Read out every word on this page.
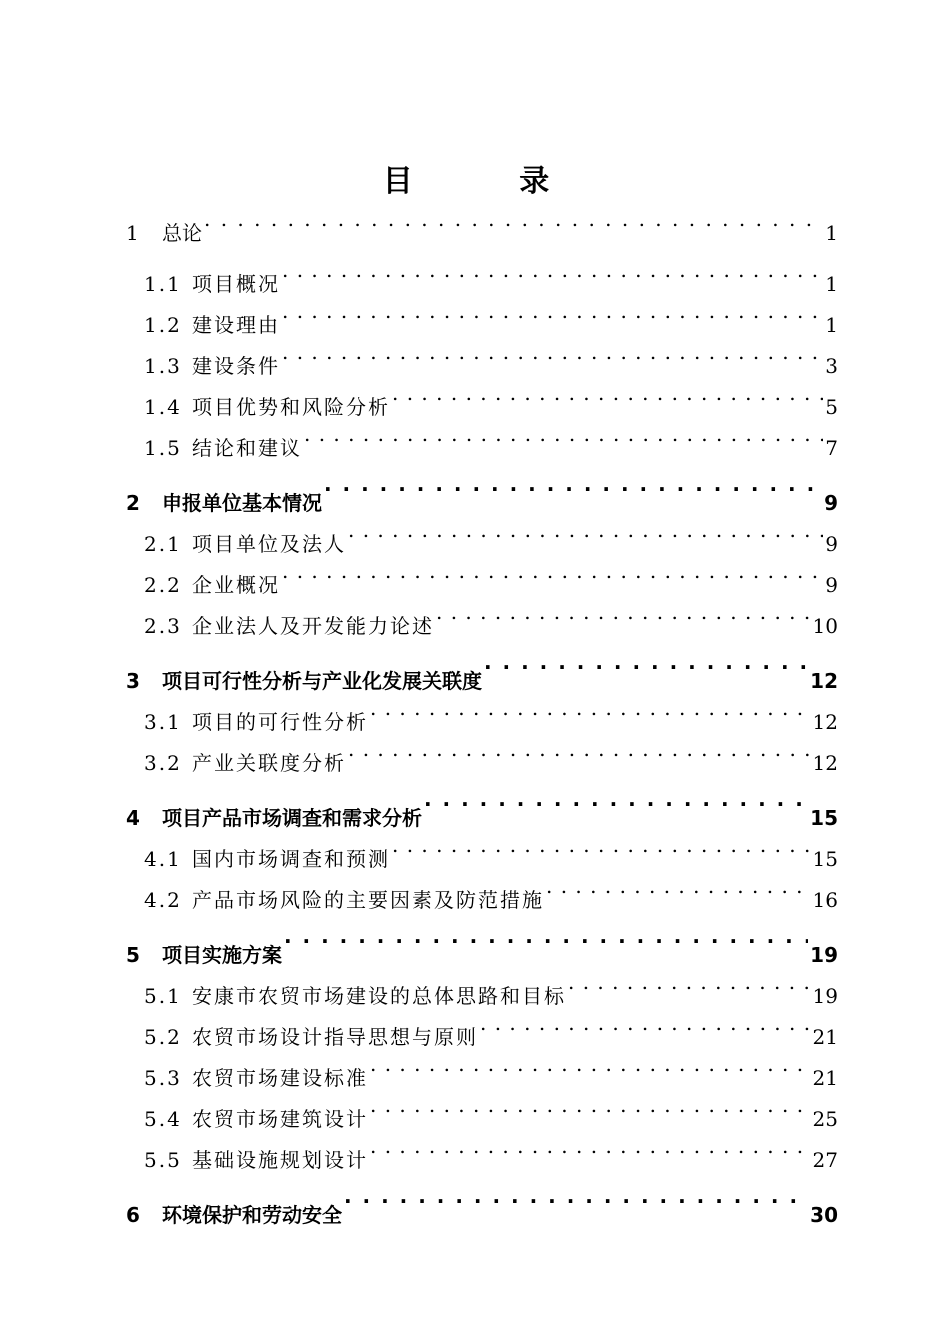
目 录
1	总论 . . .	1
1.1 项目概况 . . .	1
1.2 建设理由 . . .	1
1.3 建设条件 . . .	3
1.4 项目优势和风险分析 . . .	5
1.5 结论和建议 . . .	7
2	申报单位基本情况 . . .	9
2.1 项目单位及法人 . . .	9
2.2 企业概况 . . .	9
2.3 企业法人及开发能力论述 . . .	10
3	项目可行性分析与产业化发展关联度 . . .	12
3.1 项目的可行性分析 . . .	12
3.2 产业关联度分析 . . .	12
4	项目产品市场调查和需求分析 . . .	15
4.1 国内市场调查和预测 . . .	15
4.2 产品市场风险的主要因素及防范措施 . . .	16
5	项目实施方案 . . .	19
5.1 安康市农贸市场建设的总体思路和目标 . . .	19
5.2 农贸市场设计指导思想与原则 . . .	21
5.3 农贸市场建设标准 . . .	21
5.4 农贸市场建筑设计 . . .	25
5.5 基础设施规划设计 . . .	27
6	环境保护和劳动安全 . . .	30
